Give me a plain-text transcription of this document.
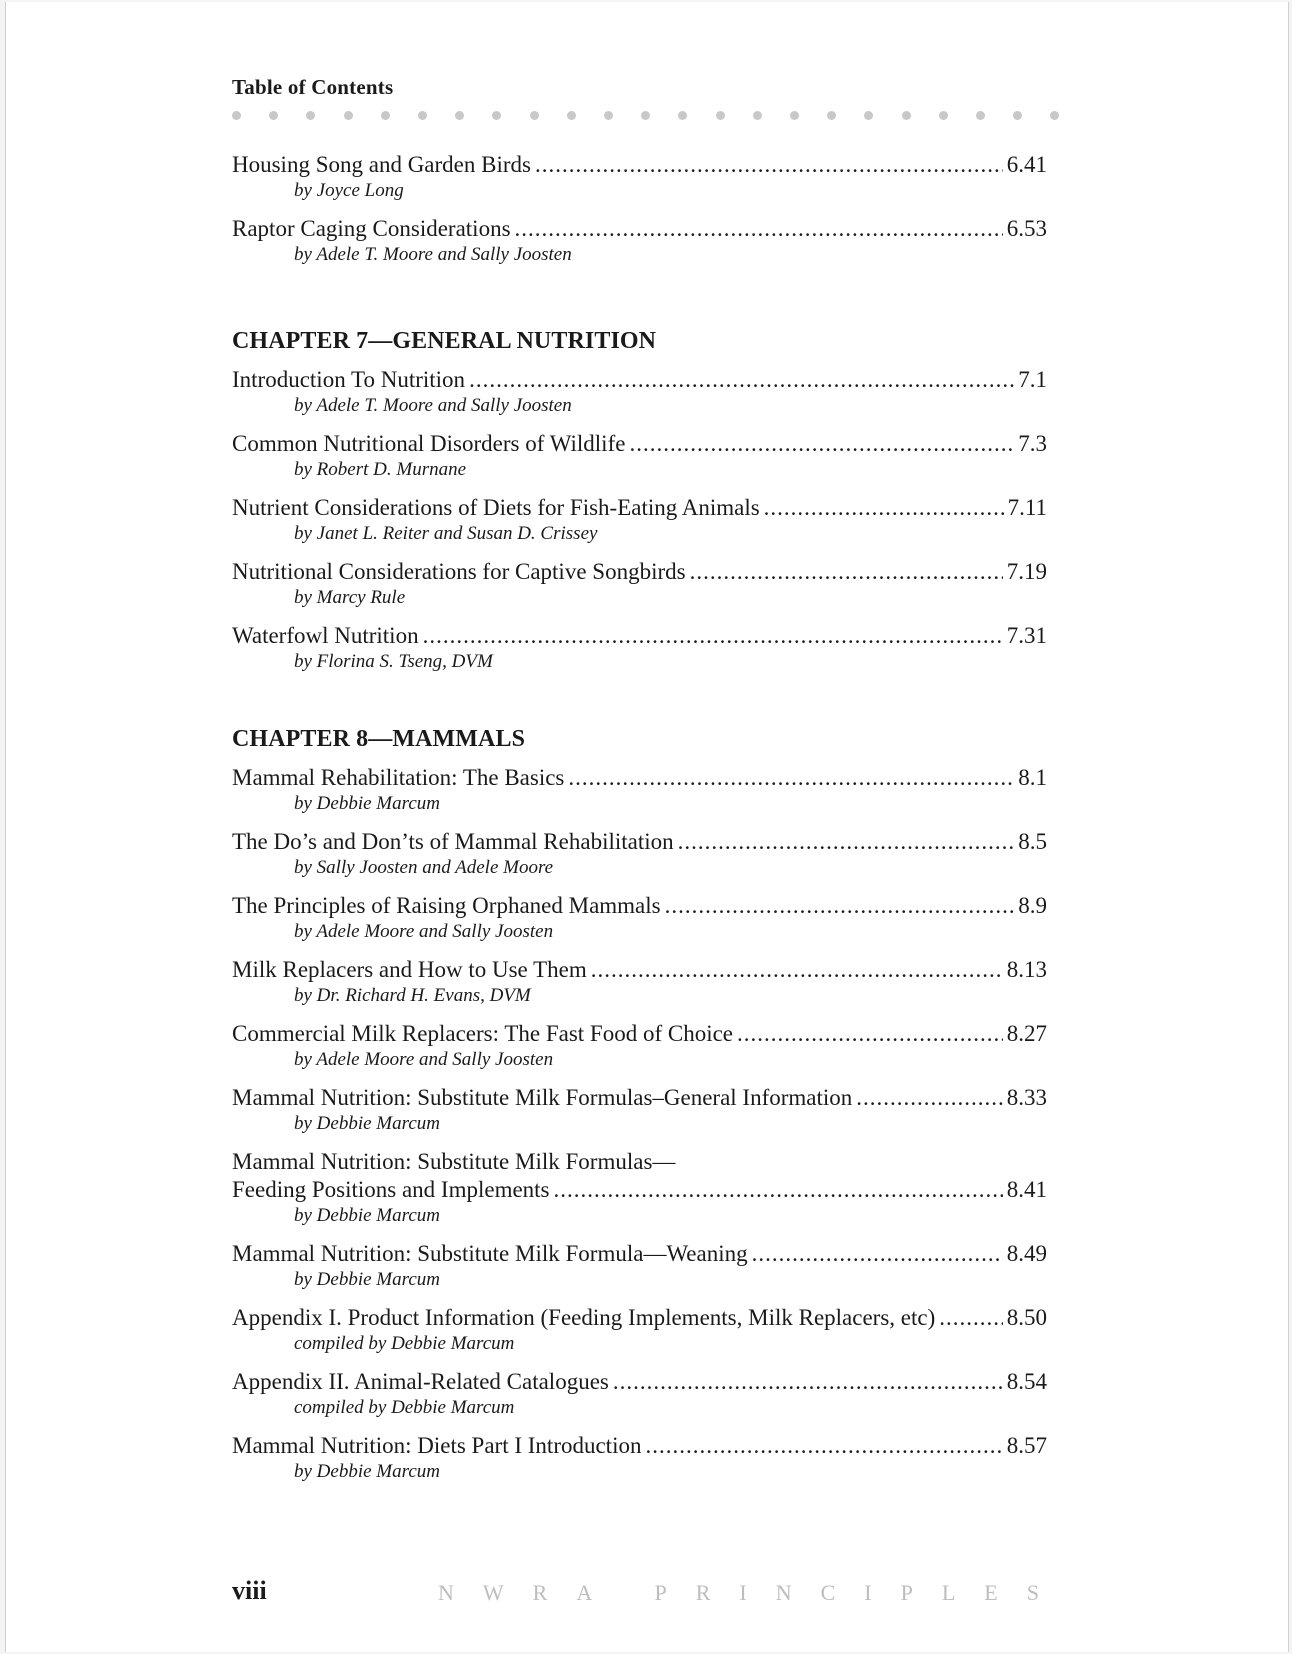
Table of Contents
Housing Song and Garden Birds .....	6.41
by Joyce Long
Raptor Caging Considerations .....	6.53
by Adele T. Moore and Sally Joosten
CHAPTER 7—GENERAL NUTRITION
Introduction To Nutrition .....	7.1
by Adele T. Moore and Sally Joosten
Common Nutritional Disorders of Wildlife .....	7.3
by Robert D. Murnane
Nutrient Considerations of Diets for Fish-Eating Animals .....	7.11
by Janet L. Reiter and Susan D. Crissey
Nutritional Considerations for Captive Songbirds .....	7.19
by Marcy Rule
Waterfowl Nutrition .....	7.31
by Florina S. Tseng, DVM
CHAPTER 8—MAMMALS
Mammal Rehabilitation: The Basics .....	8.1
by Debbie Marcum
The Do’s and Don’ts of Mammal Rehabilitation .....	8.5
by Sally Joosten and Adele Moore
The Principles of Raising Orphaned Mammals .....	8.9
by Adele Moore and Sally Joosten
Milk Replacers and How to Use Them .....	8.13
by Dr. Richard H. Evans, DVM
Commercial Milk Replacers: The Fast Food of Choice .....	8.27
by Adele Moore and Sally Joosten
Mammal Nutrition: Substitute Milk Formulas–General Information .....	8.33
by Debbie Marcum
Mammal Nutrition: Substitute Milk Formulas—
Feeding Positions and Implements .....	8.41
by Debbie Marcum
Mammal Nutrition: Substitute Milk Formula—Weaning .....	8.49
by Debbie Marcum
Appendix I. Product Information (Feeding Implements, Milk Replacers, etc) .....	8.50
compiled by Debbie Marcum
Appendix II. Animal-Related Catalogues .....	8.54
compiled by Debbie Marcum
Mammal Nutrition: Diets Part I Introduction .....	8.57
by Debbie Marcum
viii	NWRA PRINCIPLES
